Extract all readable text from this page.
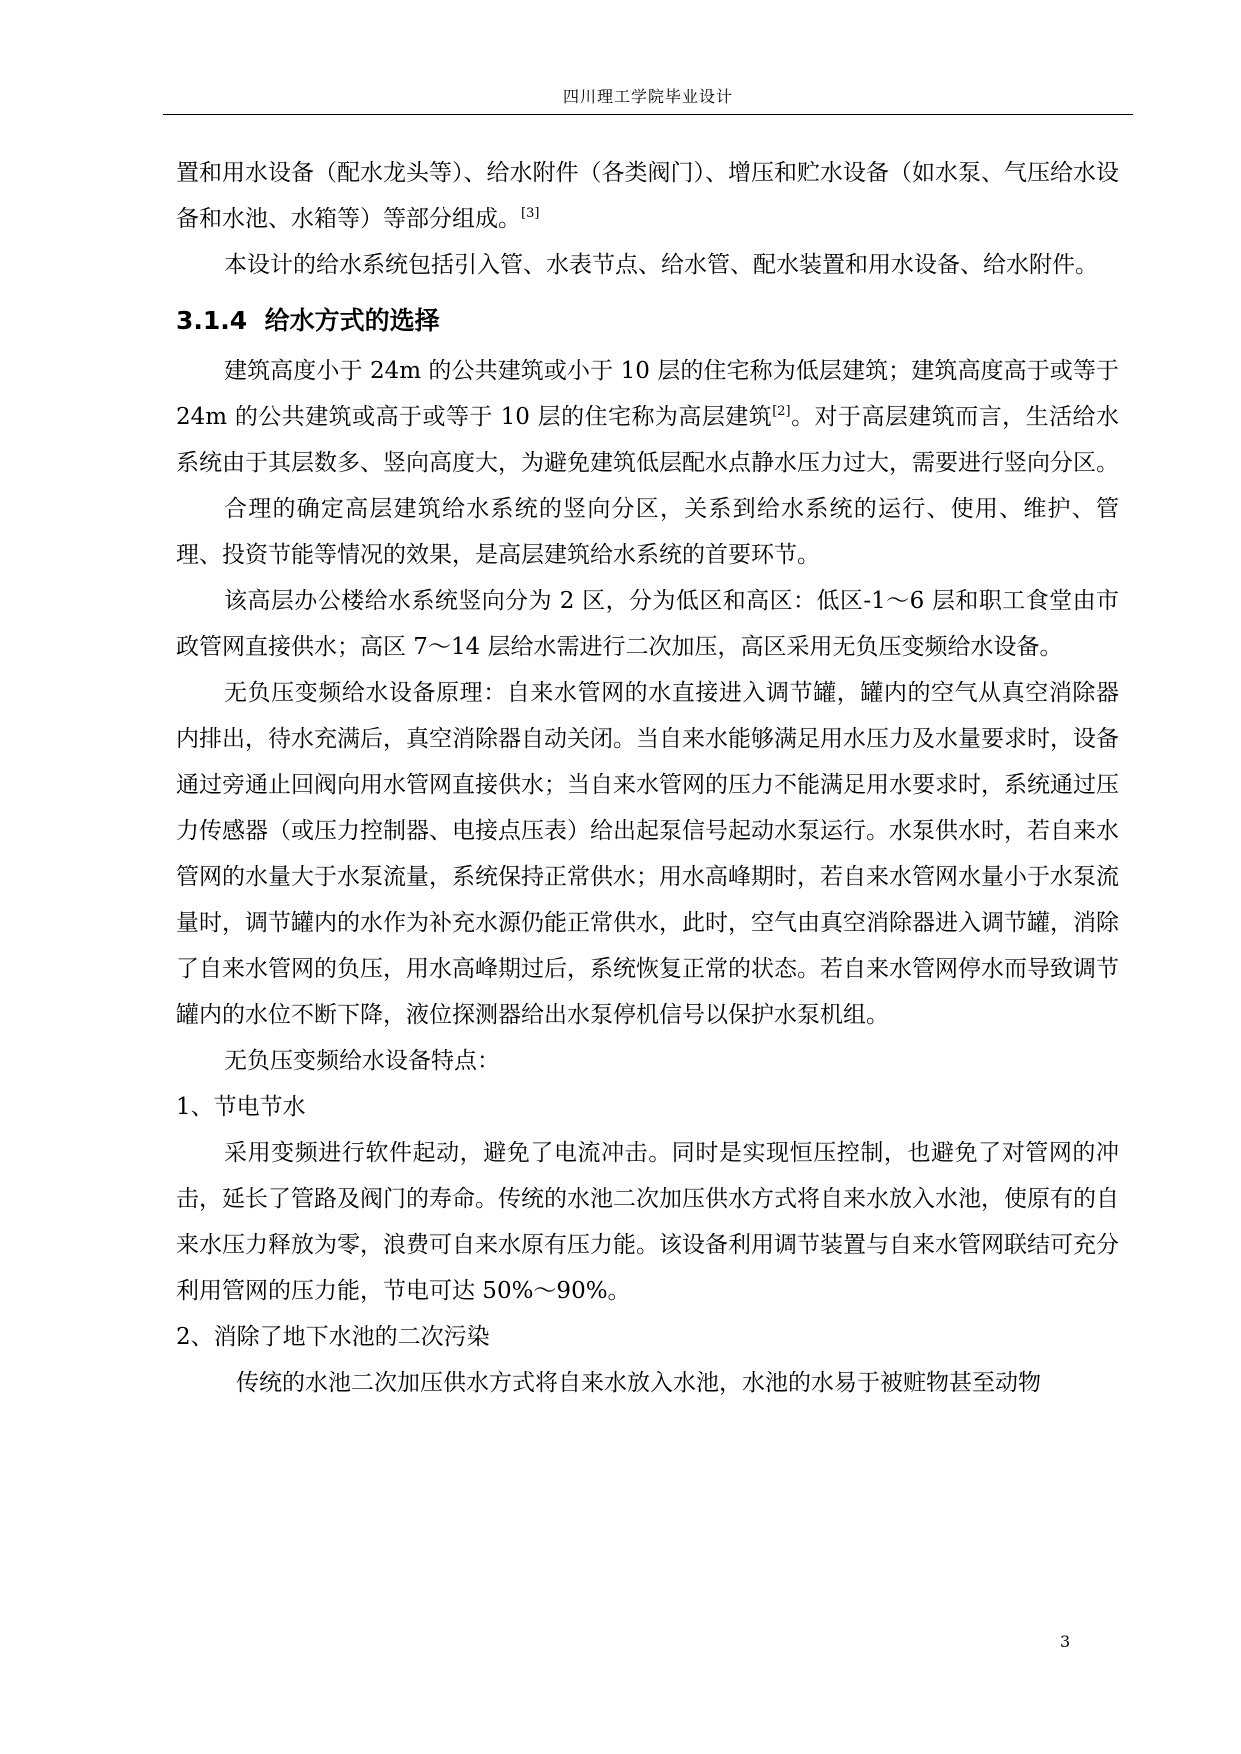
四川理工学院毕业设计

置和用水设备（配水龙头等）、给水附件（各类阀门）、增压和贮水设备（如水泵、气压给水设备和水池、水箱等）等部分组成。[3]

本设计的给水系统包括引入管、水表节点、给水管、配水装置和用水设备、给水附件。

3.1.4 给水方式的选择

建筑高度小于 24m 的公共建筑或小于 10 层的住宅称为低层建筑；建筑高度高于或等于 24m 的公共建筑或高于或等于 10 层的住宅称为高层建筑[2]。对于高层建筑而言，生活给水系统由于其层数多、竖向高度大，为避免建筑低层配水点静水压力过大，需要进行竖向分区。

合理的确定高层建筑给水系统的竖向分区，关系到给水系统的运行、使用、维护、管理、投资节能等情况的效果，是高层建筑给水系统的首要环节。

该高层办公楼给水系统竖向分为 2 区，分为低区和高区：低区-1～6 层和职工食堂由市政管网直接供水；高区 7～14 层给水需进行二次加压，高区采用无负压变频给水设备。

无负压变频给水设备原理：自来水管网的水直接进入调节罐，罐内的空气从真空消除器内排出，待水充满后，真空消除器自动关闭。当自来水能够满足用水压力及水量要求时，设备通过旁通止回阀向用水管网直接供水；当自来水管网的压力不能满足用水要求时，系统通过压力传感器（或压力控制器、电接点压表）给出起泵信号起动水泵运行。水泵供水时，若自来水管网的水量大于水泵流量，系统保持正常供水；用水高峰期时，若自来水管网水量小于水泵流量时，调节罐内的水作为补充水源仍能正常供水，此时，空气由真空消除器进入调节罐，消除了自来水管网的负压，用水高峰期过后，系统恢复正常的状态。若自来水管网停水而导致调节罐内的水位不断下降，液位探测器给出水泵停机信号以保护水泵机组。

无负压变频给水设备特点：

1、节电节水

采用变频进行软件起动，避免了电流冲击。同时是实现恒压控制，也避免了对管网的冲击，延长了管路及阀门的寿命。传统的水池二次加压供水方式将自来水放入水池，使原有的自来水压力释放为零，浪费可自来水原有压力能。该设备利用调节装置与自来水管网联结可充分利用管网的压力能，节电可达 50%～90%。

2、消除了地下水池的二次污染

传统的水池二次加压供水方式将自来水放入水池，水池的水易于被赃物甚至动物

3
